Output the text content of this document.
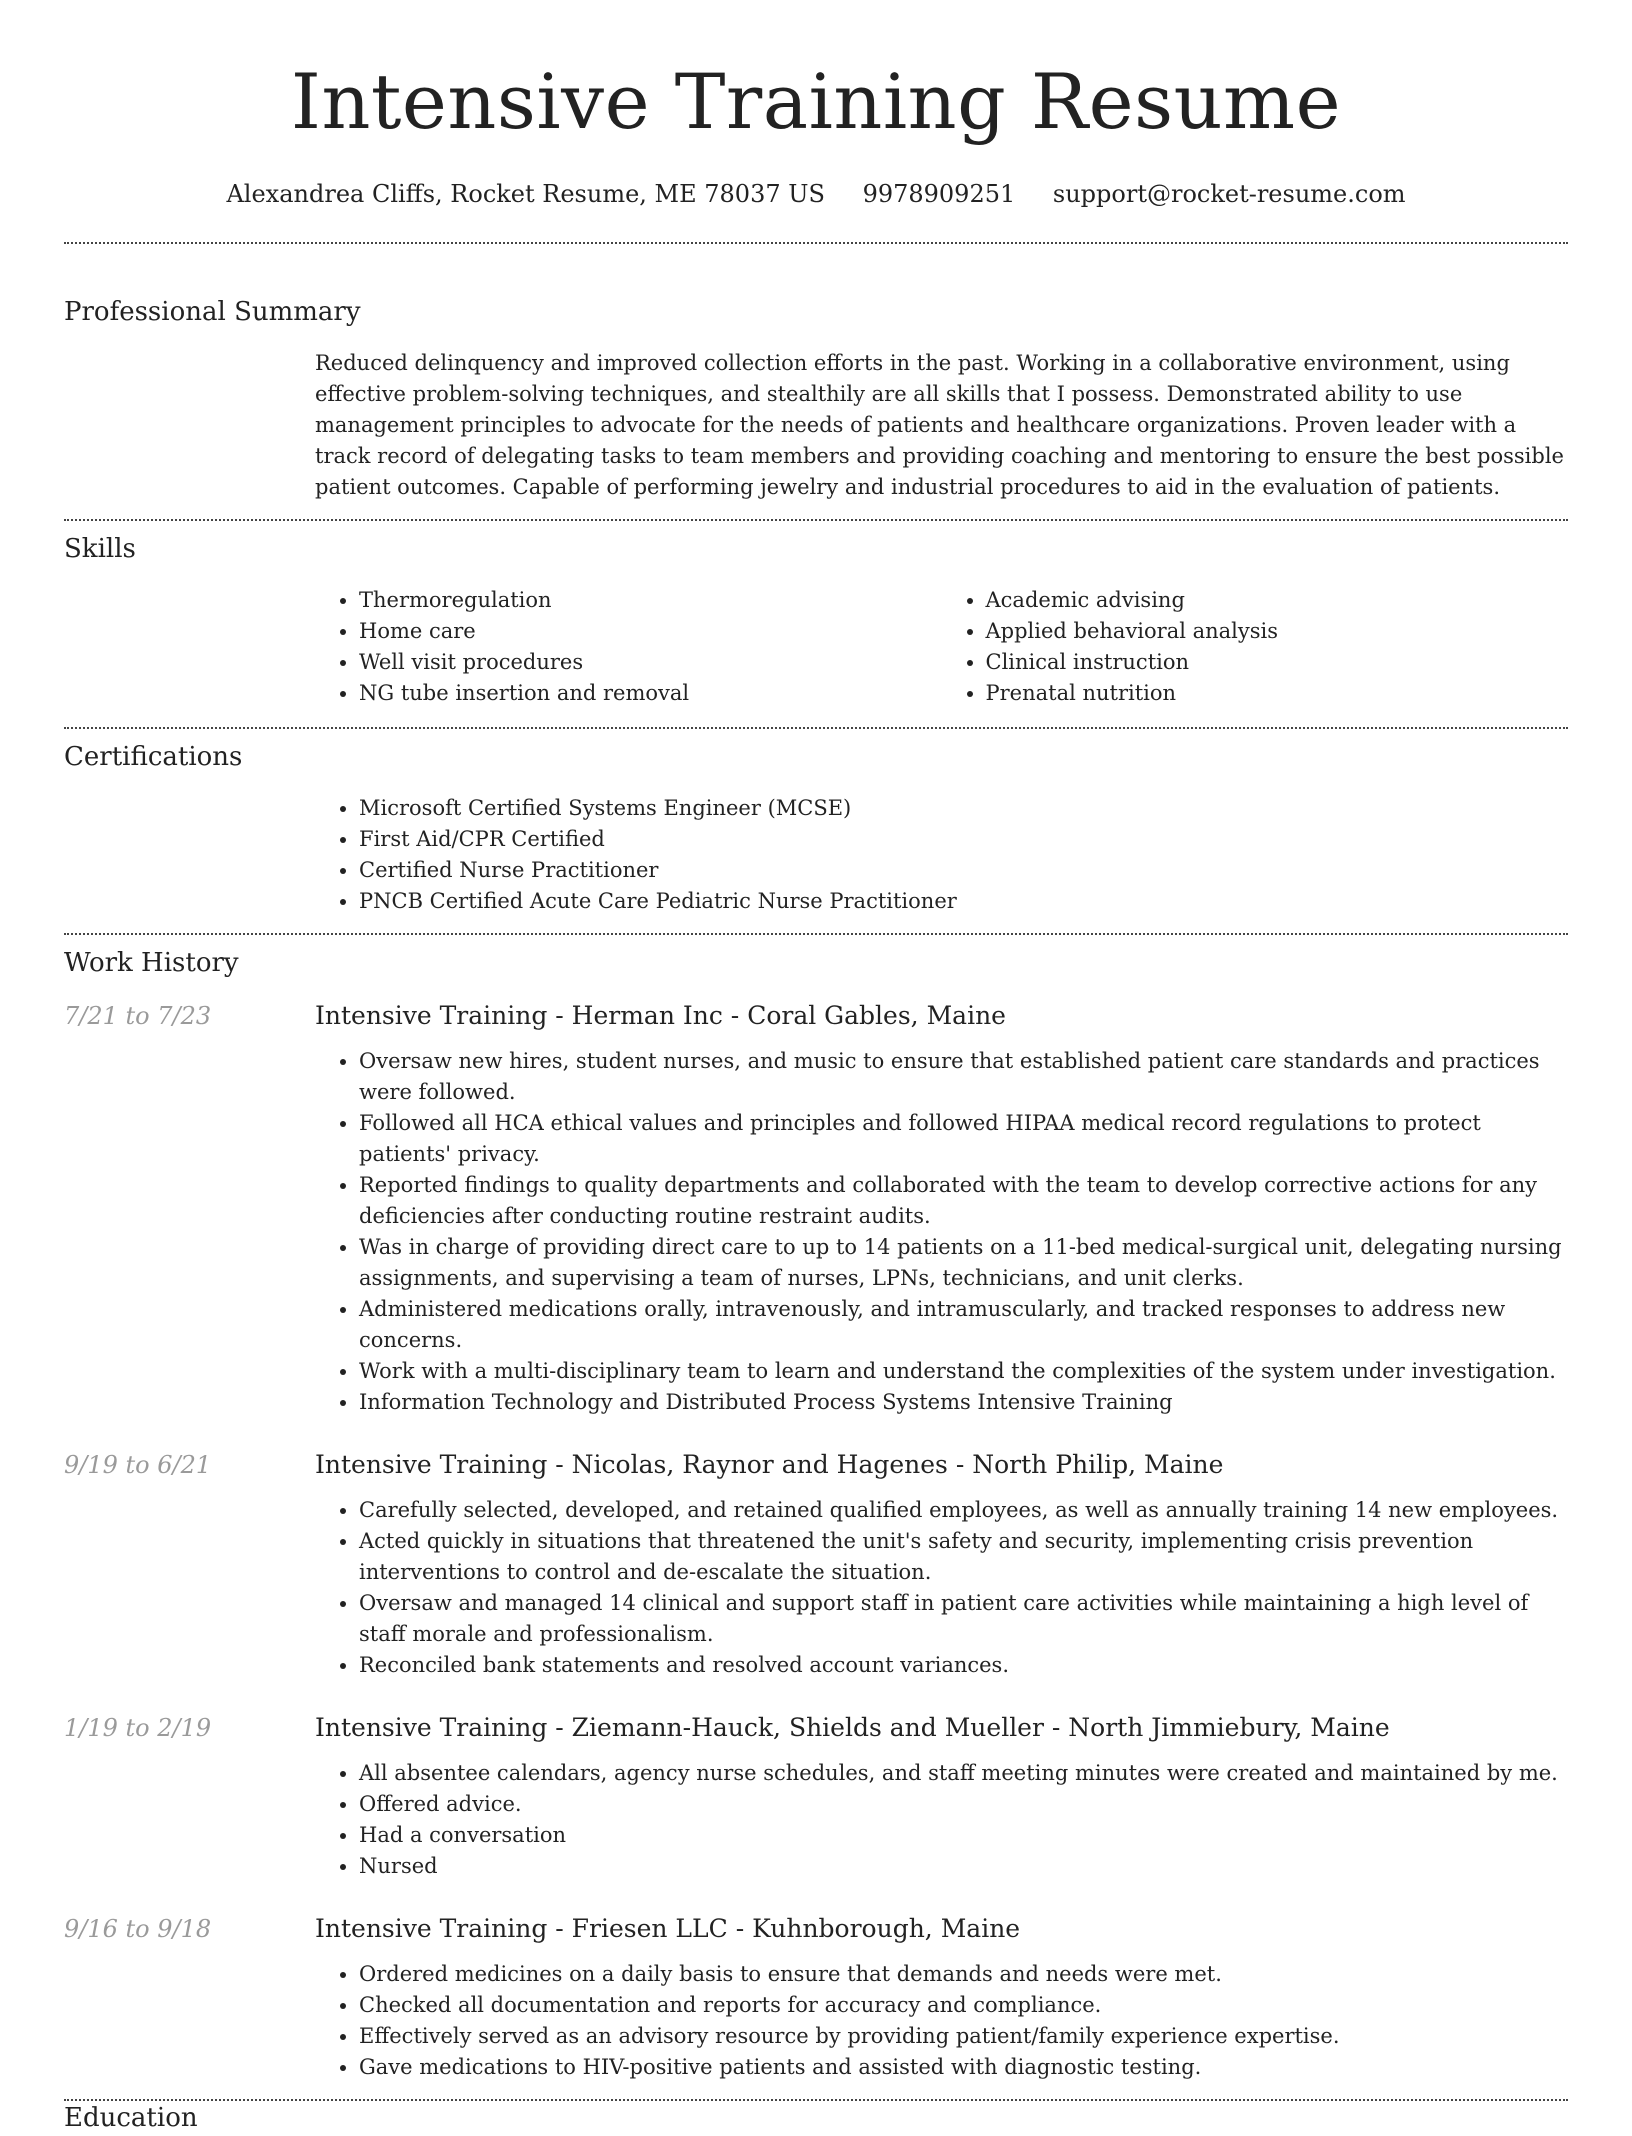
Intensive Training Resume
Alexandrea Cliffs, Rocket Resume, ME 78037 US 9978909251 support@rocket-resume.com
Professional Summary
Reduced delinquency and improved collection efforts in the past. Working in a collaborative environment, using effective problem-solving techniques, and stealthily are all skills that I possess. Demonstrated ability to use management principles to advocate for the needs of patients and healthcare organizations. Proven leader with a track record of delegating tasks to team members and providing coaching and mentoring to ensure the best possible patient outcomes. Capable of performing jewelry and industrial procedures to aid in the evaluation of patients.
Skills
• Thermoregulation
• Home care
• Well visit procedures
• NG tube insertion and removal
• Academic advising
• Applied behavioral analysis
• Clinical instruction
• Prenatal nutrition
Certifications
• Microsoft Certified Systems Engineer (MCSE)
• First Aid/CPR Certified
• Certified Nurse Practitioner
• PNCB Certified Acute Care Pediatric Nurse Practitioner
Work History
7/21 to 7/23	Intensive Training - Herman Inc - Coral Gables, Maine
• Oversaw new hires, student nurses, and music to ensure that established patient care standards and practices were followed.
• Followed all HCA ethical values and principles and followed HIPAA medical record regulations to protect patients' privacy.
• Reported findings to quality departments and collaborated with the team to develop corrective actions for any deficiencies after conducting routine restraint audits.
• Was in charge of providing direct care to up to 14 patients on a 11-bed medical-surgical unit, delegating nursing assignments, and supervising a team of nurses, LPNs, technicians, and unit clerks.
• Administered medications orally, intravenously, and intramuscularly, and tracked responses to address new concerns.
• Work with a multi-disciplinary team to learn and understand the complexities of the system under investigation.
• Information Technology and Distributed Process Systems Intensive Training
9/19 to 6/21	Intensive Training - Nicolas, Raynor and Hagenes - North Philip, Maine
• Carefully selected, developed, and retained qualified employees, as well as annually training 14 new employees.
• Acted quickly in situations that threatened the unit's safety and security, implementing crisis prevention interventions to control and de-escalate the situation.
• Oversaw and managed 14 clinical and support staff in patient care activities while maintaining a high level of staff morale and professionalism.
• Reconciled bank statements and resolved account variances.
1/19 to 2/19	Intensive Training - Ziemann-Hauck, Shields and Mueller - North Jimmiebury, Maine
• All absentee calendars, agency nurse schedules, and staff meeting minutes were created and maintained by me.
• Offered advice.
• Had a conversation
• Nursed
9/16 to 9/18	Intensive Training - Friesen LLC - Kuhnborough, Maine
• Ordered medicines on a daily basis to ensure that demands and needs were met.
• Checked all documentation and reports for accuracy and compliance.
• Effectively served as an advisory resource by providing patient/family experience expertise.
• Gave medications to HIV-positive patients and assisted with diagnostic testing.
Education
